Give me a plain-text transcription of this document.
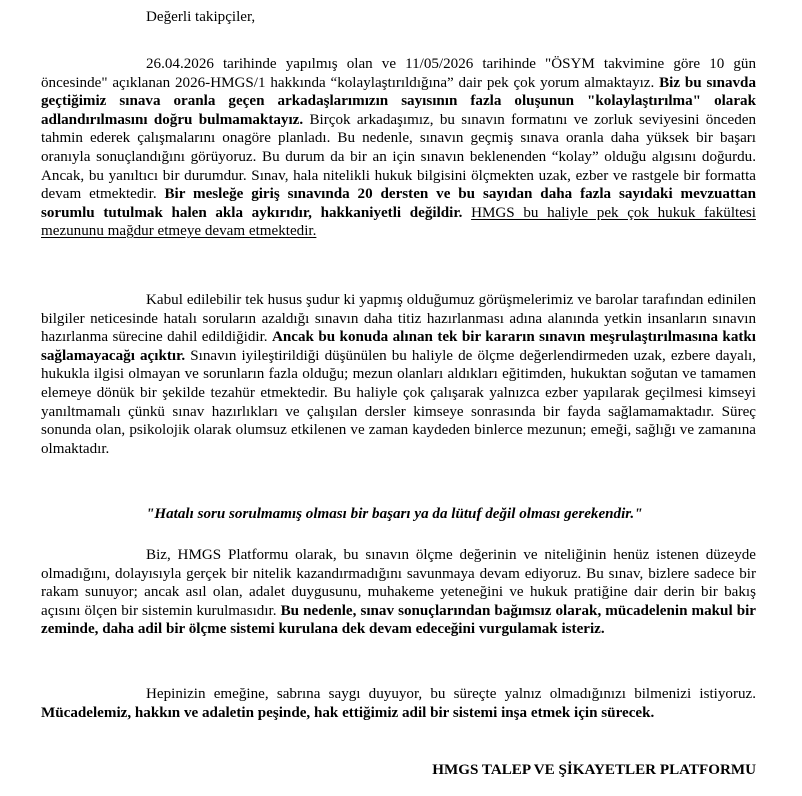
Değerli takipçiler,

26.04.2026 tarihinde yapılmış olan ve 11/05/2026 tarihinde "ÖSYM takvimine göre 10 gün öncesinde" açıklanan 2026-HMGS/1 hakkında “kolaylaştırıldığına” dair pek çok yorum almaktayız. Biz bu sınavda geçtiğimiz sınava oranla geçen arkadaşlarımızın sayısının fazla oluşunun "kolaylaştırılma" olarak adlandırılmasını doğru bulmamaktayız. Birçok arkadaşımız, bu sınavın formatını ve zorluk seviyesini önceden tahmin ederek çalışmalarını onagöre planladı. Bu nedenle, sınavın geçmiş sınava oranla daha yüksek bir başarı oranıyla sonuçlandığını görüyoruz. Bu durum da bir an için sınavın beklenenden “kolay” olduğu algısını doğurdu. Ancak, bu yanıltıcı bir durumdur. Sınav, hala nitelikli hukuk bilgisini ölçmekten uzak, ezber ve rastgele bir formatta devam etmektedir. Bir mesleğe giriş sınavında 20 dersten ve bu sayıdan daha fazla sayıdaki mevzuattan sorumlu tutulmak halen akla aykırıdır, hakkaniyetli değildir. HMGS bu haliyle pek çok hukuk fakültesi mezununu mağdur etmeye devam etmektedir.

Kabul edilebilir tek husus şudur ki yapmış olduğumuz görüşmelerimiz ve barolar tarafından edinilen bilgiler neticesinde hatalı soruların azaldığı sınavın daha titiz hazırlanması adına alanında yetkin insanların sınavın hazırlanma sürecine dahil edildiğidir. Ancak bu konuda alınan tek bir kararın sınavın meşrulaştırılmasına katkı sağlamayacağı açıktır. Sınavın iyileştirildiği düşünülen bu haliyle de ölçme değerlendirmeden uzak, ezbere dayalı, hukukla ilgisi olmayan ve sorunların fazla olduğu; mezun olanları aldıkları eğitimden, hukuktan soğutan ve tamamen elemeye dönük bir şekilde tezahür etmektedir. Bu haliyle çok çalışarak yalnızca ezber yapılarak geçilmesi kimseyi yanıltmamalı çünkü sınav hazırlıkları ve çalışılan dersler kimseye sonrasında bir fayda sağlamamaktadır. Süreç sonunda olan, psikolojik olarak olumsuz etkilenen ve zaman kaydeden binlerce mezunun; emeği, sağlığı ve zamanına olmaktadır.

"Hatalı soru sorulmamış olması bir başarı ya da lütuf değil olması gerekendir."

Biz, HMGS Platformu olarak, bu sınavın ölçme değerinin ve niteliğinin henüz istenen düzeyde olmadığını, dolayısıyla gerçek bir nitelik kazandırmadığını savunmaya devam ediyoruz. Bu sınav, bizlere sadece bir rakam sunuyor; ancak asıl olan, adalet duygusunu, muhakeme yeteneğini ve hukuk pratiğine dair derin bir bakış açısını ölçen bir sistemin kurulmasıdır. Bu nedenle, sınav sonuçlarından bağımsız olarak, mücadelenin makul bir zeminde, daha adil bir ölçme sistemi kurulana dek devam edeceğini vurgulamak isteriz.

Hepinizin emeğine, sabrına saygı duyuyor, bu süreçte yalnız olmadığınızı bilmenizi istiyoruz. Mücadelemiz, hakkın ve adaletin peşinde, hak ettiğimiz adil bir sistemi inşa etmek için sürecek.

HMGS TALEP VE ŞİKAYETLER PLATFORMU
